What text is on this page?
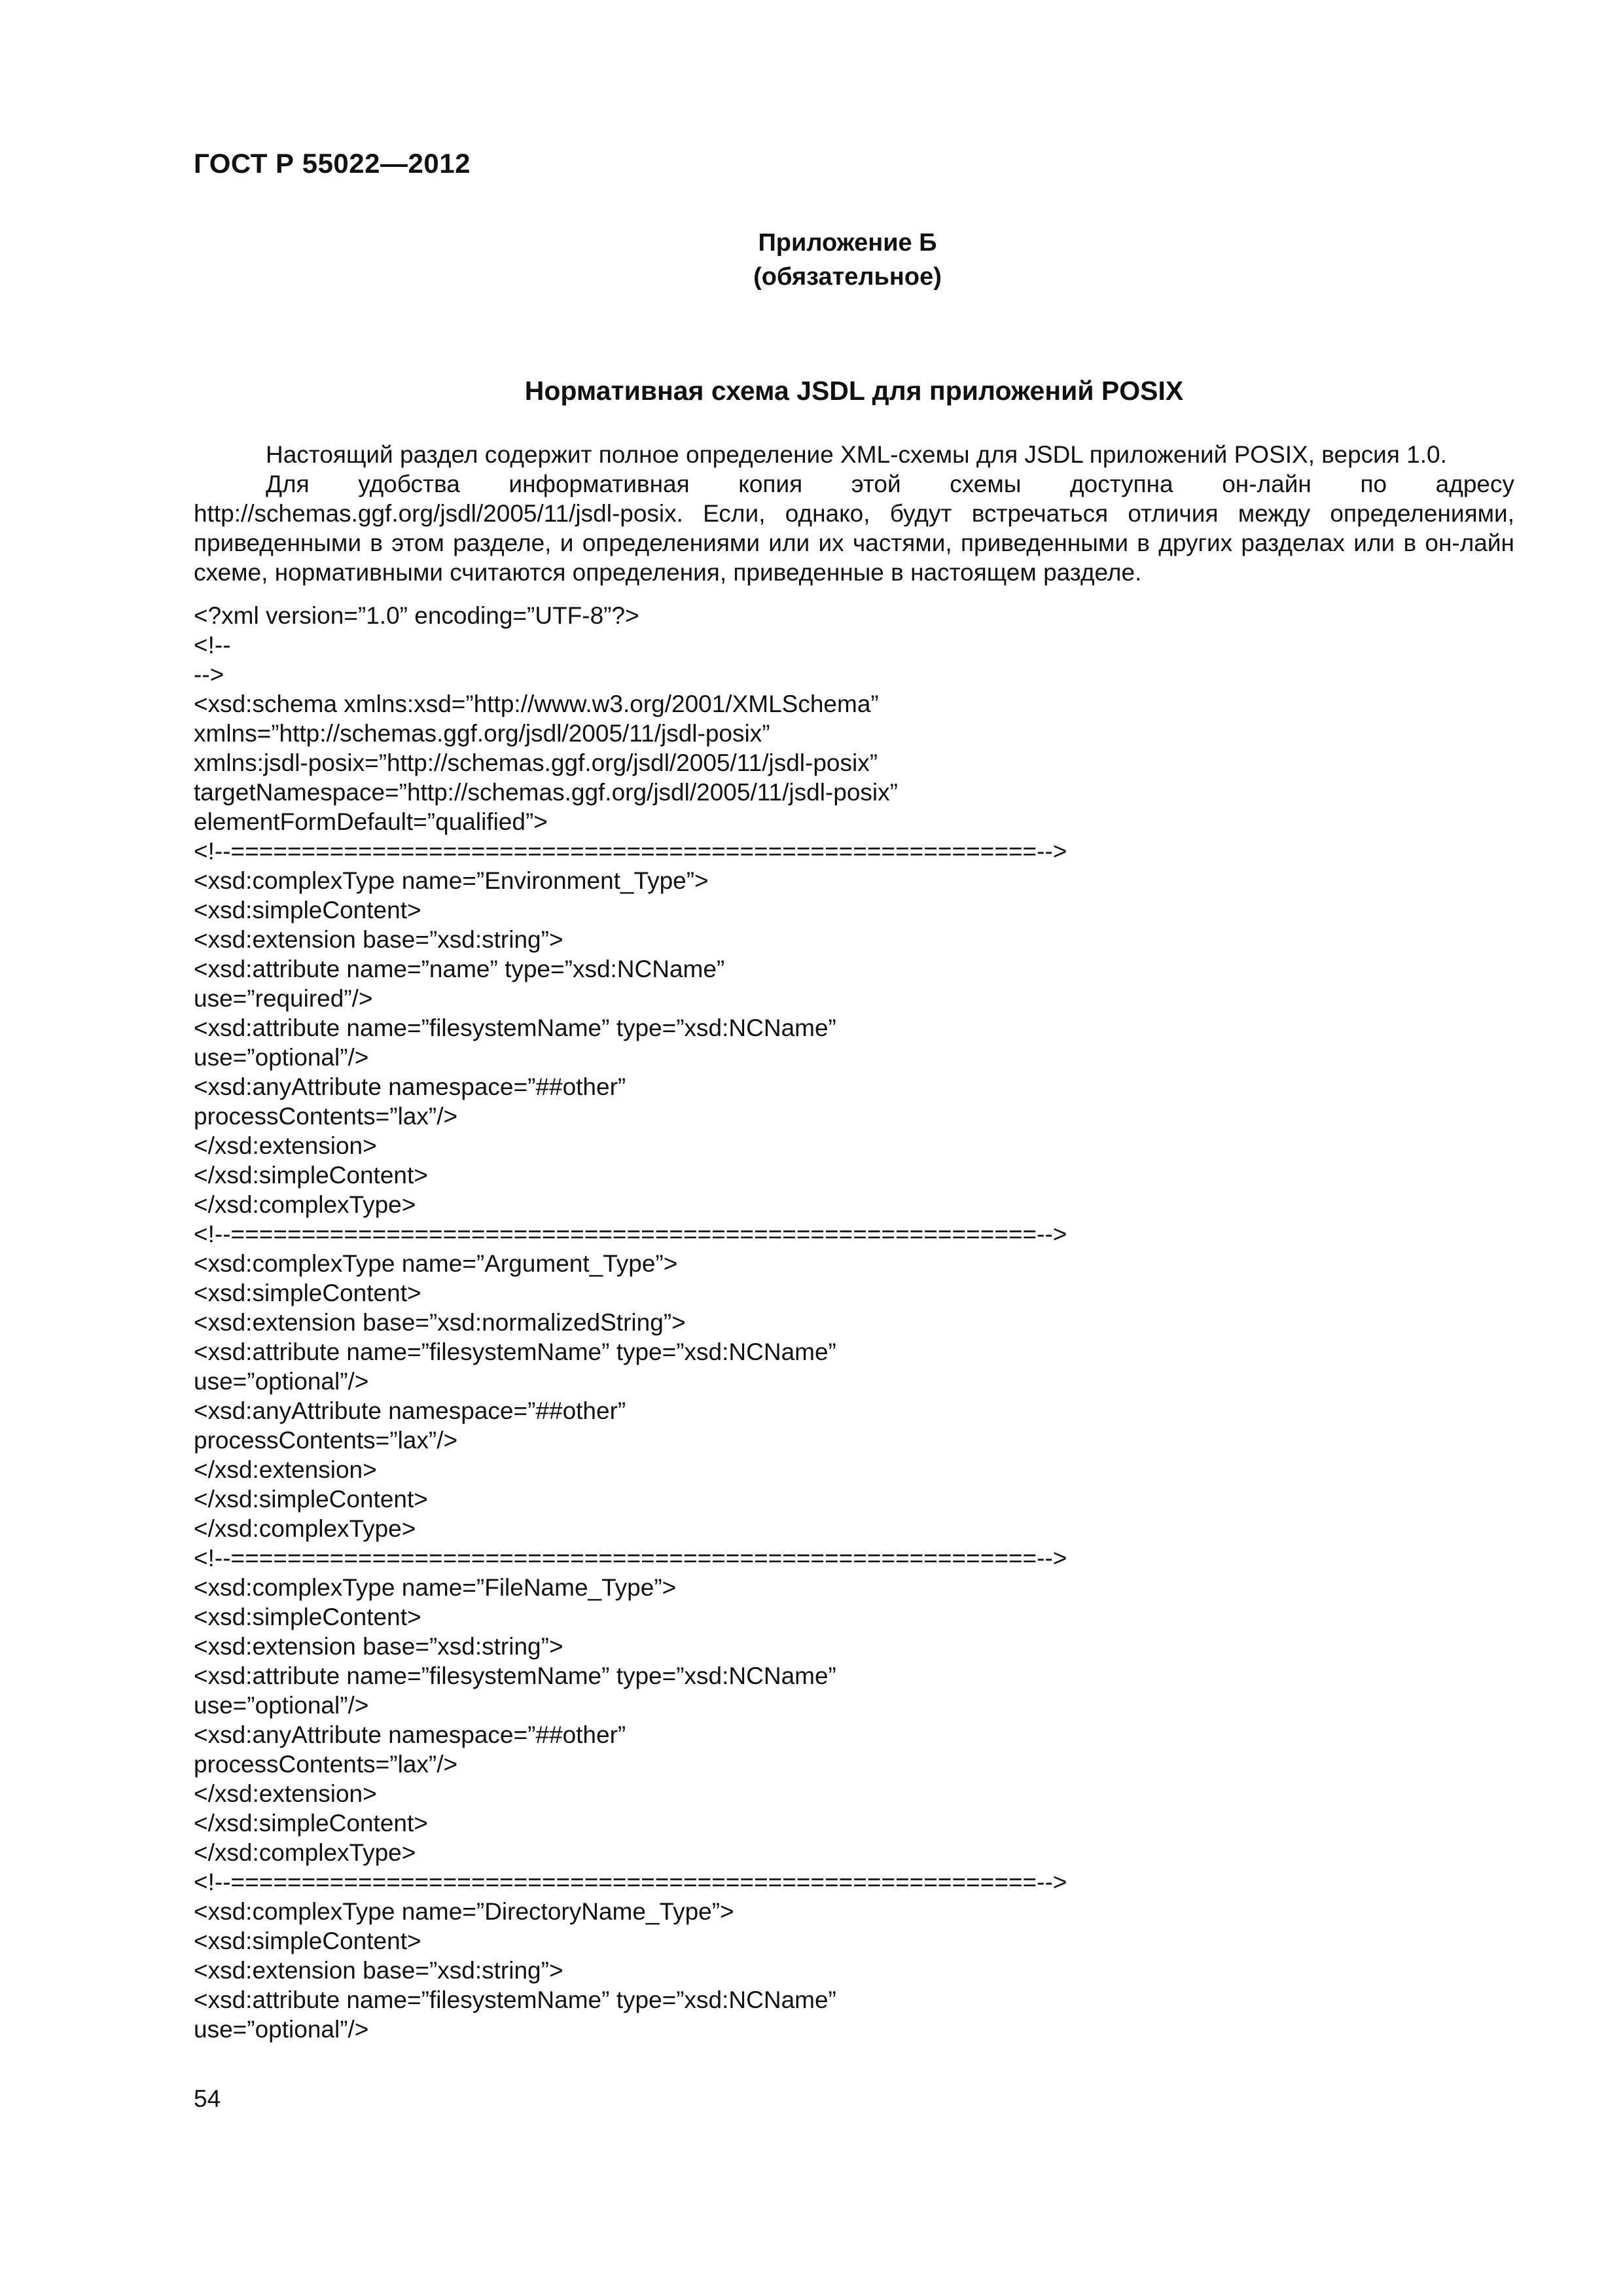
ГОСТ Р 55022—2012
Приложение Б
(обязательное)
Нормативная схема JSDL для приложений POSIX

Настоящий раздел содержит полное определение XML-схемы для JSDL приложений POSIX, версия 1.0.

Для удобства информативная копия этой схемы доступна он-лайн по адресу http://schemas.ggf.org/jsdl/2005/11/jsdl-posix. Если, однако, будут встречаться отличия между определениями, приведенными в этом разделе, и определениями или их частями, приведенными в других разделах или в он-лайн схеме, нормативными считаются определения, приведенные в настоящем разделе.

<?xml version=”1.0” encoding=”UTF-8”?>
<!--
-->
<xsd:schema xmlns:xsd=”http://www.w3.org/2001/XMLSchema”
xmlns=”http://schemas.ggf.org/jsdl/2005/11/jsdl-posix”
xmlns:jsdl-posix=”http://schemas.ggf.org/jsdl/2005/11/jsdl-posix”
targetNamespace=”http://schemas.ggf.org/jsdl/2005/11/jsdl-posix”
elementFormDefault=”qualified”>
<!--=========================================================-->
<xsd:complexType name=”Environment_Type”>
<xsd:simpleContent>
<xsd:extension base=”xsd:string”>
<xsd:attribute name=”name” type=”xsd:NCName”
use=”required”/>
<xsd:attribute name=”filesystemName” type=”xsd:NCName”
use=”optional”/>
<xsd:anyAttribute namespace=”##other”
processContents=”lax”/>
</xsd:extension>
</xsd:simpleContent>
</xsd:complexType>
<!--=========================================================-->
<xsd:complexType name=”Argument_Type”>
<xsd:simpleContent>
<xsd:extension base=”xsd:normalizedString”>
<xsd:attribute name=”filesystemName” type=”xsd:NCName”
use=”optional”/>
<xsd:anyAttribute namespace=”##other”
processContents=”lax”/>
</xsd:extension>
</xsd:simpleContent>
</xsd:complexType>
<!--=========================================================-->
<xsd:complexType name=”FileName_Type”>
<xsd:simpleContent>
<xsd:extension base=”xsd:string”>
<xsd:attribute name=”filesystemName” type=”xsd:NCName”
use=”optional”/>
<xsd:anyAttribute namespace=”##other”
processContents=”lax”/>
</xsd:extension>
</xsd:simpleContent>
</xsd:complexType>
<!--=========================================================-->
<xsd:complexType name=”DirectoryName_Type”>
<xsd:simpleContent>
<xsd:extension base=”xsd:string”>
<xsd:attribute name=”filesystemName” type=”xsd:NCName”
use=”optional”/>
54
